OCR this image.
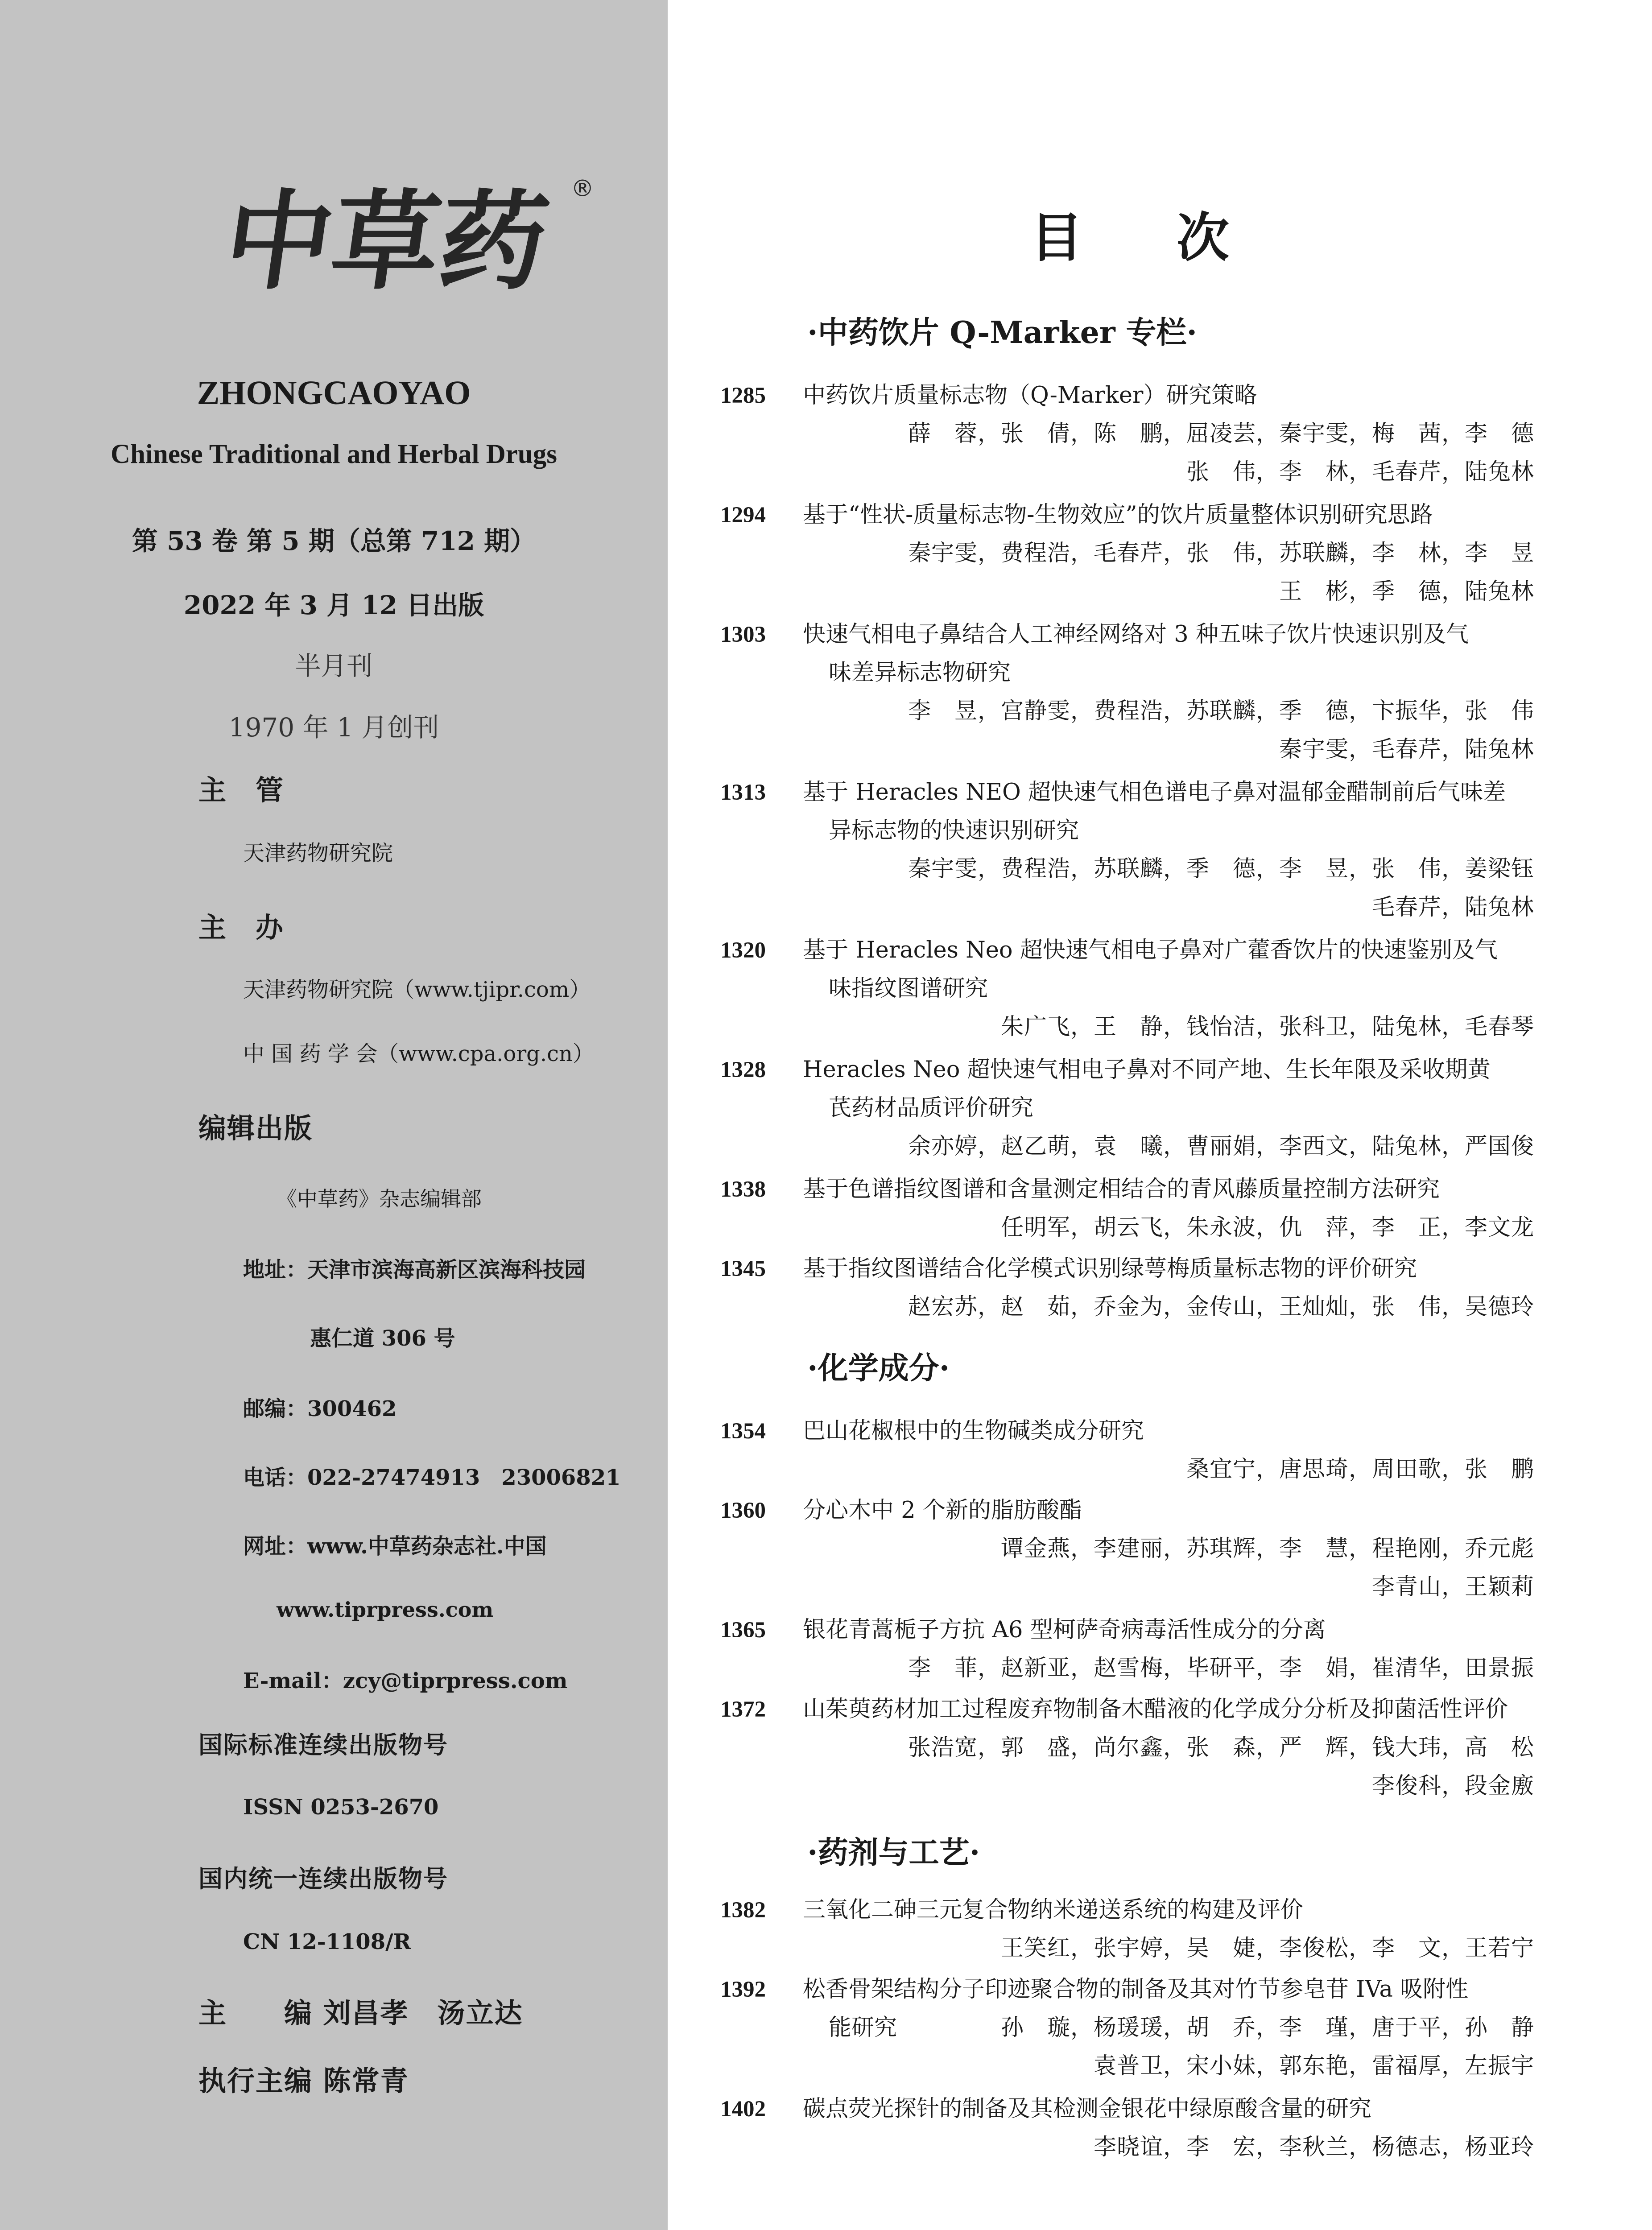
中草药 ®
ZHONGCAOYAO
Chinese Traditional and Herbal Drugs
第 53 卷 第 5 期（总第 712 期）
2022 年 3 月 12 日出版
半月刊
1970 年 1 月创刊
主　管
天津药物研究院
主　办
天津药物研究院（www.tjipr.com）
中 国 药 学 会（www.cpa.org.cn）
编辑出版
《中草药》杂志编辑部
地址：天津市滨海高新区滨海科技园
惠仁道 306 号
邮编：300462
电话：022-27474913　23006821
网址：www.中草药杂志社.中国
www.tiprpress.com
E-mail：zcy@tiprpress.com
国际标准连续出版物号
ISSN 0253-2670
国内统一连续出版物号
CN 12-1108/R
主　　编 刘昌孝　汤立达
执行主编 陈常青
目次
·中药饮片 Q-Marker 专栏·
·化学成分·
·药剂与工艺·
1285 中药饮片质量标志物（Q-Marker）研究策略
薛　蓉，张　倩，陈　鹏，屈凌芸，秦宇雯，梅　茜，李　德
张　伟，李　林，毛春芹，陆兔林
1294 基于“性状-质量标志物-生物效应”的饮片质量整体识别研究思路
秦宇雯，费程浩，毛春芹，张　伟，苏联麟，李　林，李　昱
王　彬，季　德，陆兔林
1303 快速气相电子鼻结合人工神经网络对 3 种五味子饮片快速识别及气
味差异标志物研究
李　昱，宫静雯，费程浩，苏联麟，季　德，卞振华，张　伟
秦宇雯，毛春芹，陆兔林
1313 基于 Heracles NEO 超快速气相色谱电子鼻对温郁金醋制前后气味差
异标志物的快速识别研究
秦宇雯，费程浩，苏联麟，季　德，李　昱，张　伟，姜梁钰
毛春芹，陆兔林
1320 基于 Heracles Neo 超快速气相电子鼻对广藿香饮片的快速鉴别及气
味指纹图谱研究
朱广飞，王　静，钱怡洁，张科卫，陆兔林，毛春琴
1328 Heracles Neo 超快速气相电子鼻对不同产地、生长年限及采收期黄
芪药材品质评价研究
余亦婷，赵乙萌，袁　曦，曹丽娟，李西文，陆兔林，严国俊
1338 基于色谱指纹图谱和含量测定相结合的青风藤质量控制方法研究
任明军，胡云飞，朱永波，仇　萍，李　正，李文龙
1345 基于指纹图谱结合化学模式识别绿萼梅质量标志物的评价研究
赵宏苏，赵　茹，乔金为，金传山，王灿灿，张　伟，吴德玲
1354 巴山花椒根中的生物碱类成分研究
桑宜宁，唐思琦，周田歌，张　鹏
1360 分心木中 2 个新的脂肪酸酯
谭金燕，李建丽，苏琪辉，李　慧，程艳刚，乔元彪
李青山，王颖莉
1365 银花青蒿栀子方抗 A6 型柯萨奇病毒活性成分的分离
李　菲，赵新亚，赵雪梅，毕研平，李　娟，崔清华，田景振
1372 山茱萸药材加工过程废弃物制备木醋液的化学成分分析及抑菌活性评价
张浩宽，郭　盛，尚尔鑫，张　森，严　辉，钱大玮，高　松
李俊科，段金廒
1382 三氧化二砷三元复合物纳米递送系统的构建及评价
王笑红，张宇婷，吴　婕，李俊松，李　文，王若宁
1392 松香骨架结构分子印迹聚合物的制备及其对竹节参皂苷 IVa 吸附性
能研究	孙　璇，杨瑗瑗，胡　乔，李　瑾，唐于平，孙　静
袁普卫，宋小妹，郭东艳，雷福厚，左振宇
1402 碳点荧光探针的制备及其检测金银花中绿原酸含量的研究
李晓谊，李　宏，李秋兰，杨德志，杨亚玲
